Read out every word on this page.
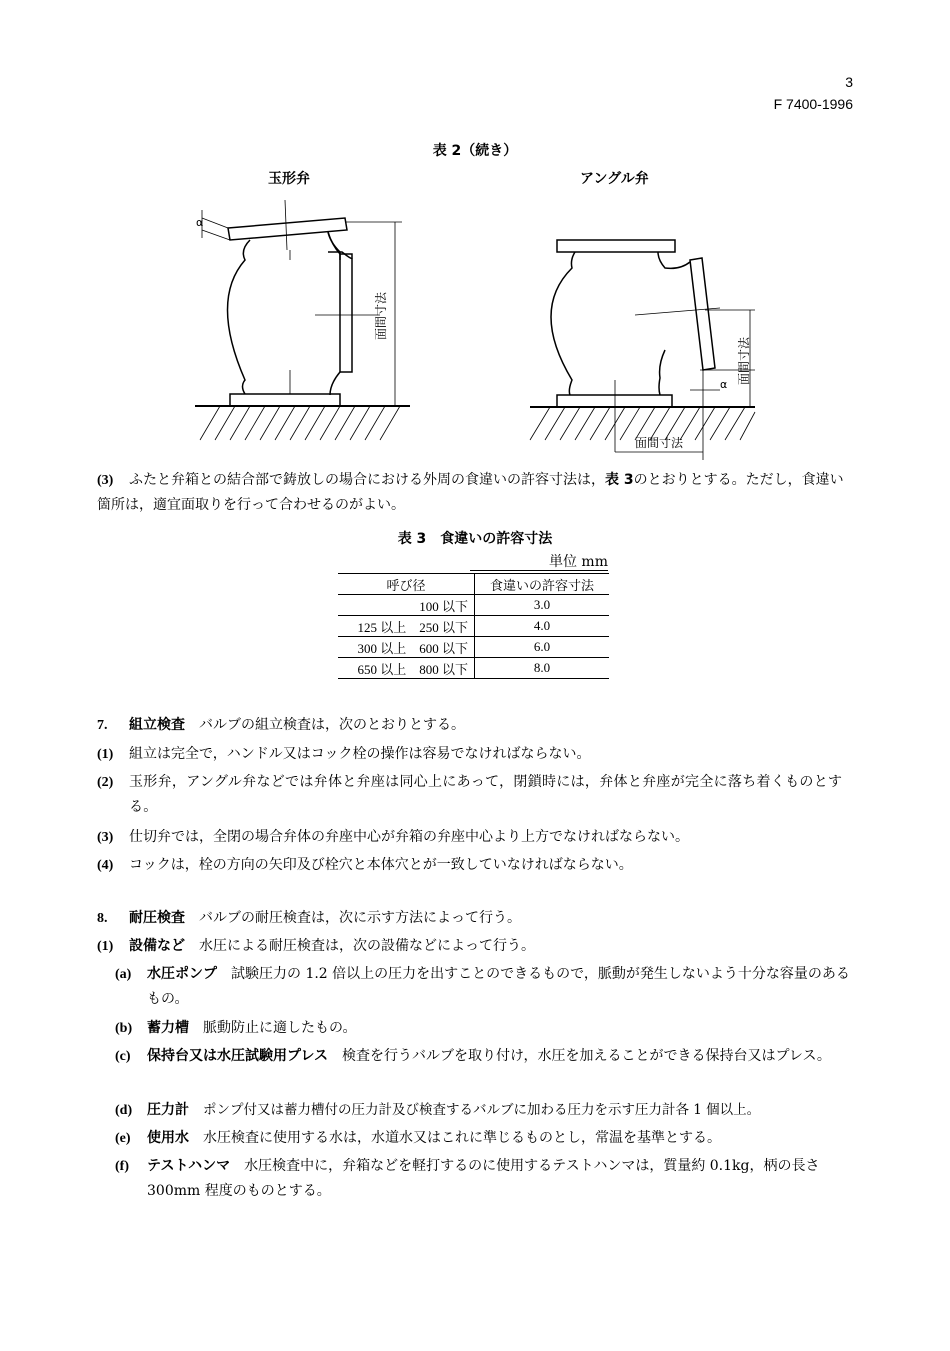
3
F 7400-1996
表 2（続き）
玉形弁	アングル弁
α
面間寸法
α 面間寸法
面間寸法
(3) ふたと弁箱との結合部で鋳放しの場合における外周の食違いの許容寸法は，表 3のとおりとする。ただし，食違い箇所は，適宜面取りを行って合わせるのがよい。
表 3　食違いの許容寸法
単位 mm
呼び径	食違いの許容寸法
100 以下	3.0
125 以上　250 以下	4.0
300 以上　600 以下	6.0
650 以上　800 以下	8.0
7. 組立検査 バルブの組立検査は，次のとおりとする。
(1) 組立は完全で，ハンドル又はコック栓の操作は容易でなければならない。
(2)	玉形弁，アングル弁などでは弁体と弁座は同心上にあって，閉鎖時には，弁体と弁座が完全に落ち着くものとする。
(3) 仕切弁では，全閉の場合弁体の弁座中心が弁箱の弁座中心より上方でなければならない。
(4) コックは，栓の方向の矢印及び栓穴と本体穴とが一致していなければならない。
8. 耐圧検査 バルブの耐圧検査は，次に示す方法によって行う。
(1) 設備など 水圧による耐圧検査は，次の設備などによって行う。
(a)	水圧ポンプ 試験圧力の 1.2 倍以上の圧力を出すことのできるもので，脈動が発生しないよう十分な容量のあるもの。
(b) 蓄力槽 脈動防止に適したもの。
(c)	保持台又は水圧試験用プレス 検査を行うバルブを取り付け，水圧を加えることができる保持台又はプレス。
(d) 圧力計 ポンプ付又は蓄力槽付の圧力計及び検査するバルブに加わる圧力を示す圧力計各 1 個以上。
(e) 使用水 水圧検査に使用する水は，水道水又はこれに準じるものとし，常温を基準とする。
(f)	テストハンマ 水圧検査中に，弁箱などを軽打するのに使用するテストハンマは，質量約 0.1kg，柄の長さ 300mm 程度のものとする。
